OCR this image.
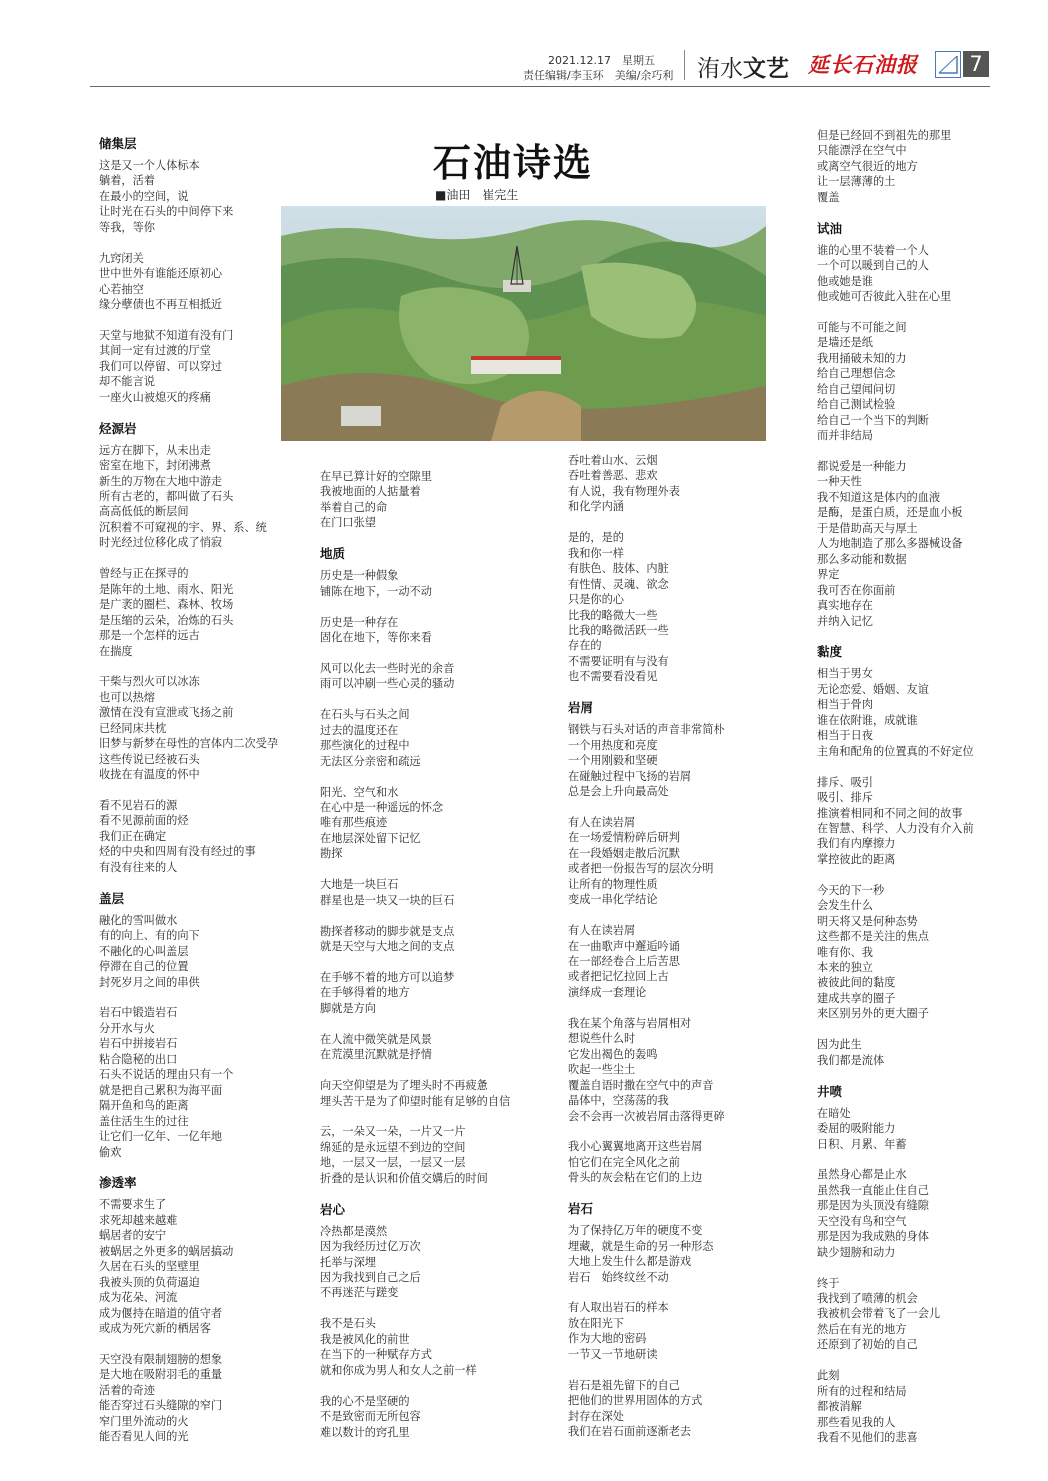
2021.12.17　 星期五
责任编辑/李玉环　 美编/余巧利 洧水文艺 延长石油报	7
石油诗选
■油田　崔完生
储集层
这是又一个人体标本
躺着，活着
在最小的空间，说
让时光在石头的中间停下来
等我，等你
九窍闭关
世中世外有谁能还原初心
心若抽空
缘分孽债也不再互相抵近
天堂与地狱不知道有没有门
其间一定有过渡的厅堂
我们可以停留、可以穿过
却不能言说
一座火山被熄灭的疼痛
烃源岩
远方在脚下，从未出走
密室在地下，封闭沸煮
新生的万物在大地中游走
所有古老的，都叫做了石头
高高低低的断层间
沉积着不可窥视的宇、界、系、统
时光经过位移化成了悄寂
曾经与正在探寻的
是陈年的土地、雨水、阳光
是广袤的圈栏、森林、牧场
是压缩的云朵，冶炼的石头
那是一个怎样的远古
在揣度
干柴与烈火可以冰冻
也可以热熔
激情在没有宣泄或飞扬之前
已经同床共枕
旧梦与新梦在母性的宫体内二次受孕
这些传说已经被石头
收拢在有温度的怀中
看不见岩石的源
看不见源前面的烃
我们正在确定
烃的中央和四周有没有经过的事
有没有往来的人
盖层
融化的雪叫做水
有的向上、有的向下
不融化的心叫盖层
停滞在自己的位置
封死岁月之间的串供
岩石中锻造岩石
分开水与火
岩石中拼接岩石
粘合隐秘的出口
石头不说话的理由只有一个
就是把自己累积为海平面
隔开鱼和鸟的距离
盖住活生生的过往
让它们一亿年、一亿年地
偷欢
渗透率
不需要求生了
求死却越来越难
蜗居者的安宁
被蜗居之外更多的蜗居搞动
久居在石头的坚壁里
我被头顶的负荷逼迫
成为花朵、河流
成为偃持在暗道的值守者
或成为死穴新的栖居客
天空没有限制翅膀的想象
是大地在吸附羽毛的重量
活着的奇迹
能否穿过石头缝隙的窄门
窄门里外流动的火
能否看见人间的光
在早已算计好的空隙里
我被地面的人掂量着
举着自己的命
在门口张望
地质
历史是一种假象
铺陈在地下，一动不动
历史是一种存在
固化在地下，等你来看
风可以化去一些时光的余音
雨可以冲刷一些心灵的骚动
在石头与石头之间
过去的温度还在
那些演化的过程中
无法区分亲密和疏远
阳光、空气和水
在心中是一种遥远的怀念
唯有那些痕迹
在地层深处留下记忆
勘探
大地是一块巨石
群星也是一块又一块的巨石
勘探者移动的脚步就是支点
就是天空与大地之间的支点
在手够不着的地方可以追梦
在手够得着的地方
脚就是方向
在人流中微笑就是风景
在荒漠里沉默就是抒情
向天空仰望是为了埋头时不再疲惫
埋头苦干是为了仰望时能有足够的自信
云，一朵又一朵，一片又一片
绵延的是永远望不到边的空间
地，一层又一层，一层又一层
折叠的是认识和价值交媾后的时间
岩心
冷热都是漠然
因为我经历过亿万次
托举与深埋
因为我找到自己之后
不再迷茫与蹉变
我不是石头
我是被风化的前世
在当下的一种赋存方式
就和你成为男人和女人之前一样
我的心不是坚硬的
不是致密而无所包容
难以数计的窍孔里
吞吐着山水、云烟
吞吐着善恶、悲欢
有人说，我有物理外表
和化学内涵
是的，是的
我和你一样
有肤色、肢体、内脏
有性情、灵魂、欲念
只是你的心
比我的略微大一些
比我的略微活跃一些
存在的
不需要证明有与没有
也不需要看没看见
岩屑
钢铁与石头对话的声音非常简朴
一个用热度和亮度
一个用刚毅和坚硬
在碰触过程中飞扬的岩屑
总是会上升向最高处
有人在读岩屑
在一场爱情粉碎后研判
在一段婚姻走散后沉默
或者把一份报告写的层次分明
让所有的物理性质
变成一串化学结论
有人在读岩屑
在一曲歌声中邂逅吟诵
在一部经卷合上后苦思
或者把记忆拉回上古
演绎成一套理论
我在某个角落与岩屑相对
想说些什么时
它发出褐色的轰鸣
吹起一些尘土
覆盖自语时撒在空气中的声音
晶体中，空荡荡的我
会不会再一次被岩屑击落得更碎
我小心翼翼地离开这些岩屑
怕它们在完全风化之前
骨头的灰会粘在它们的上边
岩石
为了保持亿万年的硬度不变
埋藏，就是生命的另一种形态
大地上发生什么都是游戏
岩石　始终纹丝不动
有人取出岩石的样本
放在阳光下
作为大地的密码
一节又一节地研读
岩石是祖先留下的自己
把他们的世界用固体的方式
封存在深处
我们在岩石面前逐渐老去
但是已经回不到祖先的那里
只能漂浮在空气中
或离空气很近的地方
让一层薄薄的土
覆盖
试油
谁的心里不装着一个人
一个可以暖到自己的人
他或她是谁
他或她可否彼此入驻在心里
可能与不可能之间
是墙还是纸
我用捅破未知的力
给自己理想信念
给自己望闻问切
给自己测试检验
给自己一个当下的判断
而并非结局
都说爱是一种能力
一种天性
我不知道这是体内的血液
是酶，是蛋白质，还是血小板
于是借助高天与厚土
人为地制造了那么多器械设备
那么多动能和数据
界定
我可否在你面前
真实地存在
并纳入记忆
黏度
相当于男女
无论恋爱、婚姻、友谊
相当于骨肉
谁在依附谁，成就谁
相当于日夜
主角和配角的位置真的不好定位
排斥、吸引
吸引、排斥
推演着相同和不同之间的故事
在智慧、科学、人力没有介入前
我们有内摩擦力
掌控彼此的距离
今天的下一秒
会发生什么
明天将又是何种态势
这些都不是关注的焦点
唯有你、我
本来的独立
被彼此间的黏度
建成共享的圈子
来区别另外的更大圈子
因为此生
我们都是流体
井喷
在暗处
委屈的吸附能力
日积、月累、年蓄
虽然身心都是止水
虽然我一直能止住自己
那是因为头顶没有缝隙
天空没有鸟和空气
那是因为我成熟的身体
缺少翅膀和动力
终于
我找到了喷薄的机会
我被机会带着飞了一会儿
然后在有光的地方
还原到了初始的自己
此刻
所有的过程和结局
都被消解
那些看见我的人
我看不见他们的悲喜
